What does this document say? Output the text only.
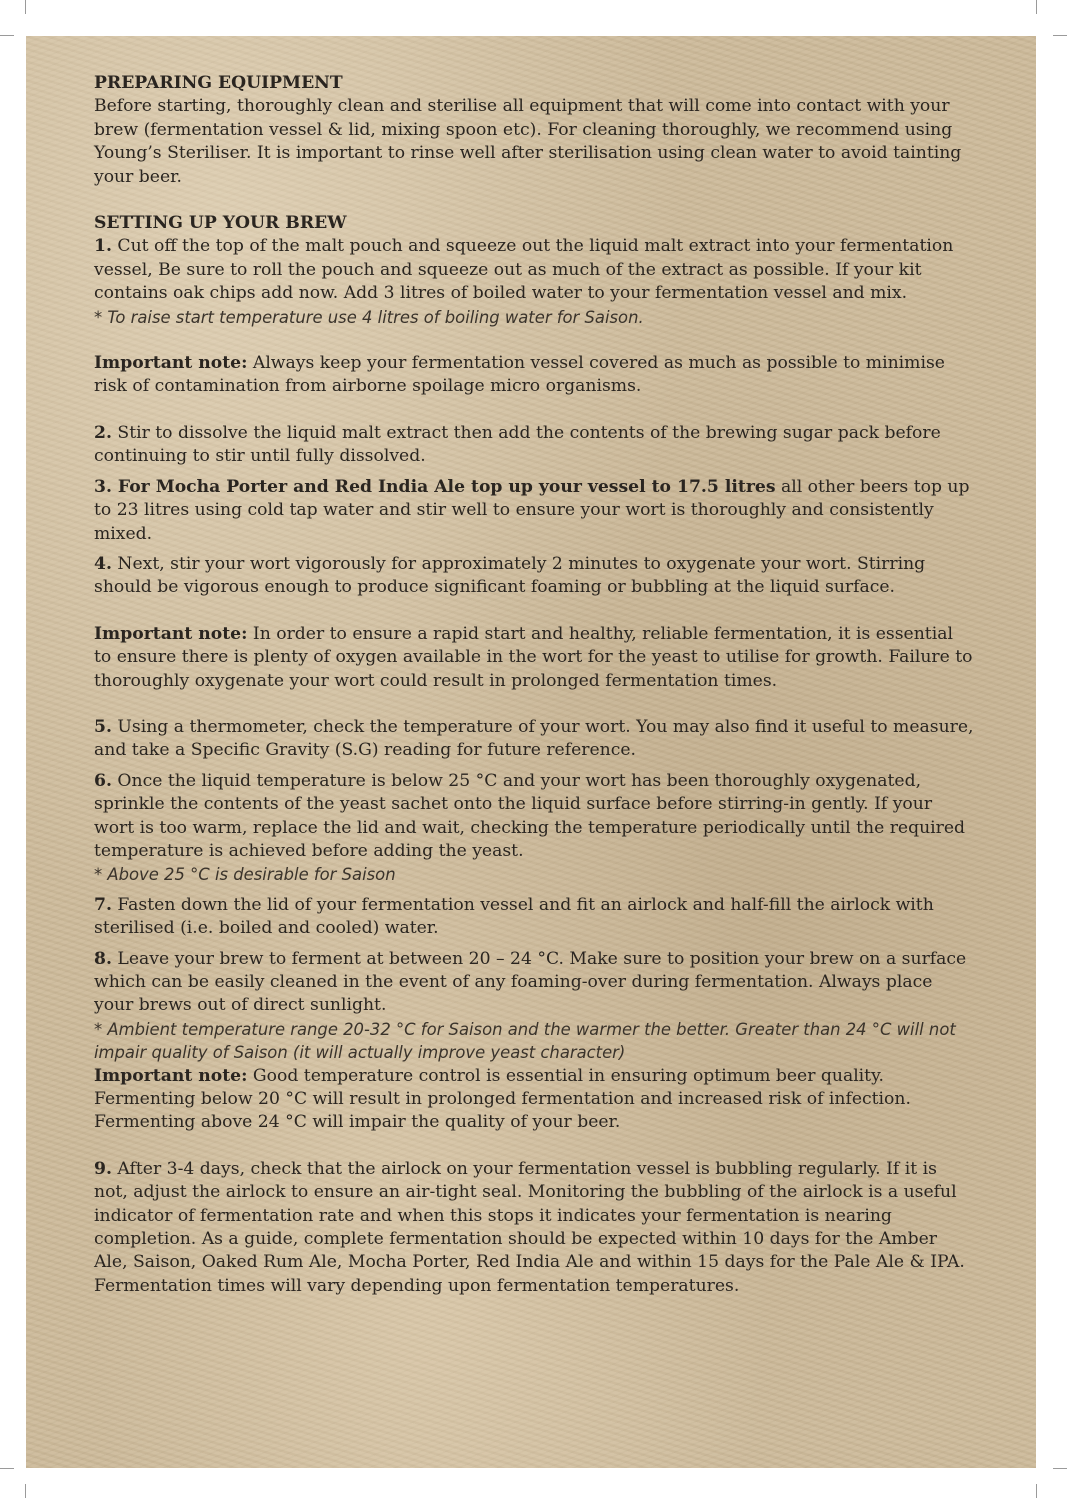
PREPARING EQUIPMENT

Before starting, thoroughly clean and sterilise all equipment that will come into contact with your brew (fermentation vessel & lid, mixing spoon etc). For cleaning thoroughly, we recommend using Young’s Steriliser. It is important to rinse well after sterilisation using clean water to avoid tainting your beer.

SETTING UP YOUR BREW

1. Cut off the top of the malt pouch and squeeze out the liquid malt extract into your fermentation vessel, Be sure to roll the pouch and squeeze out as much of the extract as possible. If your kit contains oak chips add now. Add 3 litres of boiled water to your fermentation vessel and mix.

* To raise start temperature use 4 litres of boiling water for Saison.

Important note: Always keep your fermentation vessel covered as much as possible to minimise risk of contamination from airborne spoilage micro organisms.

2. Stir to dissolve the liquid malt extract then add the contents of the brewing sugar pack before continuing to stir until fully dissolved.

3. For Mocha Porter and Red India Ale top up your vessel to 17.5 litres all other beers top up to 23 litres using cold tap water and stir well to ensure your wort is thoroughly and consistently mixed.

4. Next, stir your wort vigorously for approximately 2 minutes to oxygenate your wort. Stirring should be vigorous enough to produce significant foaming or bubbling at the liquid surface.

Important note: In order to ensure a rapid start and healthy, reliable fermentation, it is essential to ensure there is plenty of oxygen available in the wort for the yeast to utilise for growth. Failure to thoroughly oxygenate your wort could result in prolonged fermentation times.

5. Using a thermometer, check the temperature of your wort. You may also find it useful to measure, and take a Specific Gravity (S.G) reading for future reference.

6. Once the liquid temperature is below 25 °C and your wort has been thoroughly oxygenated, sprinkle the contents of the yeast sachet onto the liquid surface before stirring-in gently. If your wort is too warm, replace the lid and wait, checking the temperature periodically until the required temperature is achieved before adding the yeast.

* Above 25 °C is desirable for Saison

7. Fasten down the lid of your fermentation vessel and fit an airlock and half-fill the airlock with sterilised (i.e. boiled and cooled) water.

8. Leave your brew to ferment at between 20 – 24 °C. Make sure to position your brew on a surface which can be easily cleaned in the event of any foaming-over during fermentation. Always place your brews out of direct sunlight.

* Ambient temperature range 20-32 °C for Saison and the warmer the better. Greater than 24 °C will not impair quality of Saison (it will actually improve yeast character)

Important note: Good temperature control is essential in ensuring optimum beer quality. Fermenting below 20 °C will result in prolonged fermentation and increased risk of infection. Fermenting above 24 °C will impair the quality of your beer.

9. After 3-4 days, check that the airlock on your fermentation vessel is bubbling regularly. If it is not, adjust the airlock to ensure an air-tight seal. Monitoring the bubbling of the airlock is a useful indicator of fermentation rate and when this stops it indicates your fermentation is nearing completion. As a guide, complete fermentation should be expected within 10 days for the Amber Ale, Saison, Oaked Rum Ale, Mocha Porter, Red India Ale and within 15 days for the Pale Ale & IPA. Fermentation times will vary depending upon fermentation temperatures.
